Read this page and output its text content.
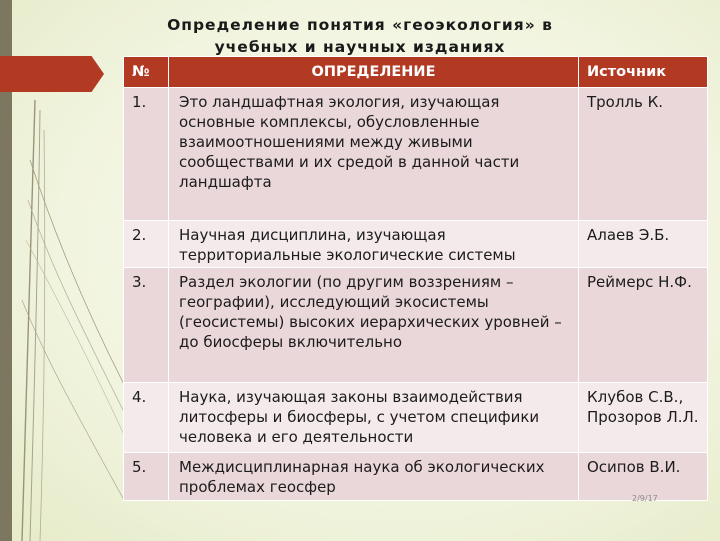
Определение понятия «геоэкология» в
учебных и научных изданиях
№	ОПРЕДЕЛЕНИЕ	Источник
1.	Это ландшафтная экология, изучающая основные комплексы, обусловленные взаимоотношениями между живыми сообществами и их средой в данной части ландшафта	Тролль К.
2.	Научная дисциплина, изучающая территориальные экологические системы	Алаев Э.Б.
3.	Раздел экологии (по другим воззрениям – географии), исследующий экосистемы (геосистемы) высоких иерархических уровней – до биосферы включительно	Реймерс Н.Ф.
4.	Наука, изучающая законы взаимодействия литосферы и биосферы, с учетом специфики человека и его деятельности	Клубов С.В., Прозоров Л.Л.
5.	Междисциплинарная наука об экологических проблемах геосфер	Осипов В.И.
2/9/17
